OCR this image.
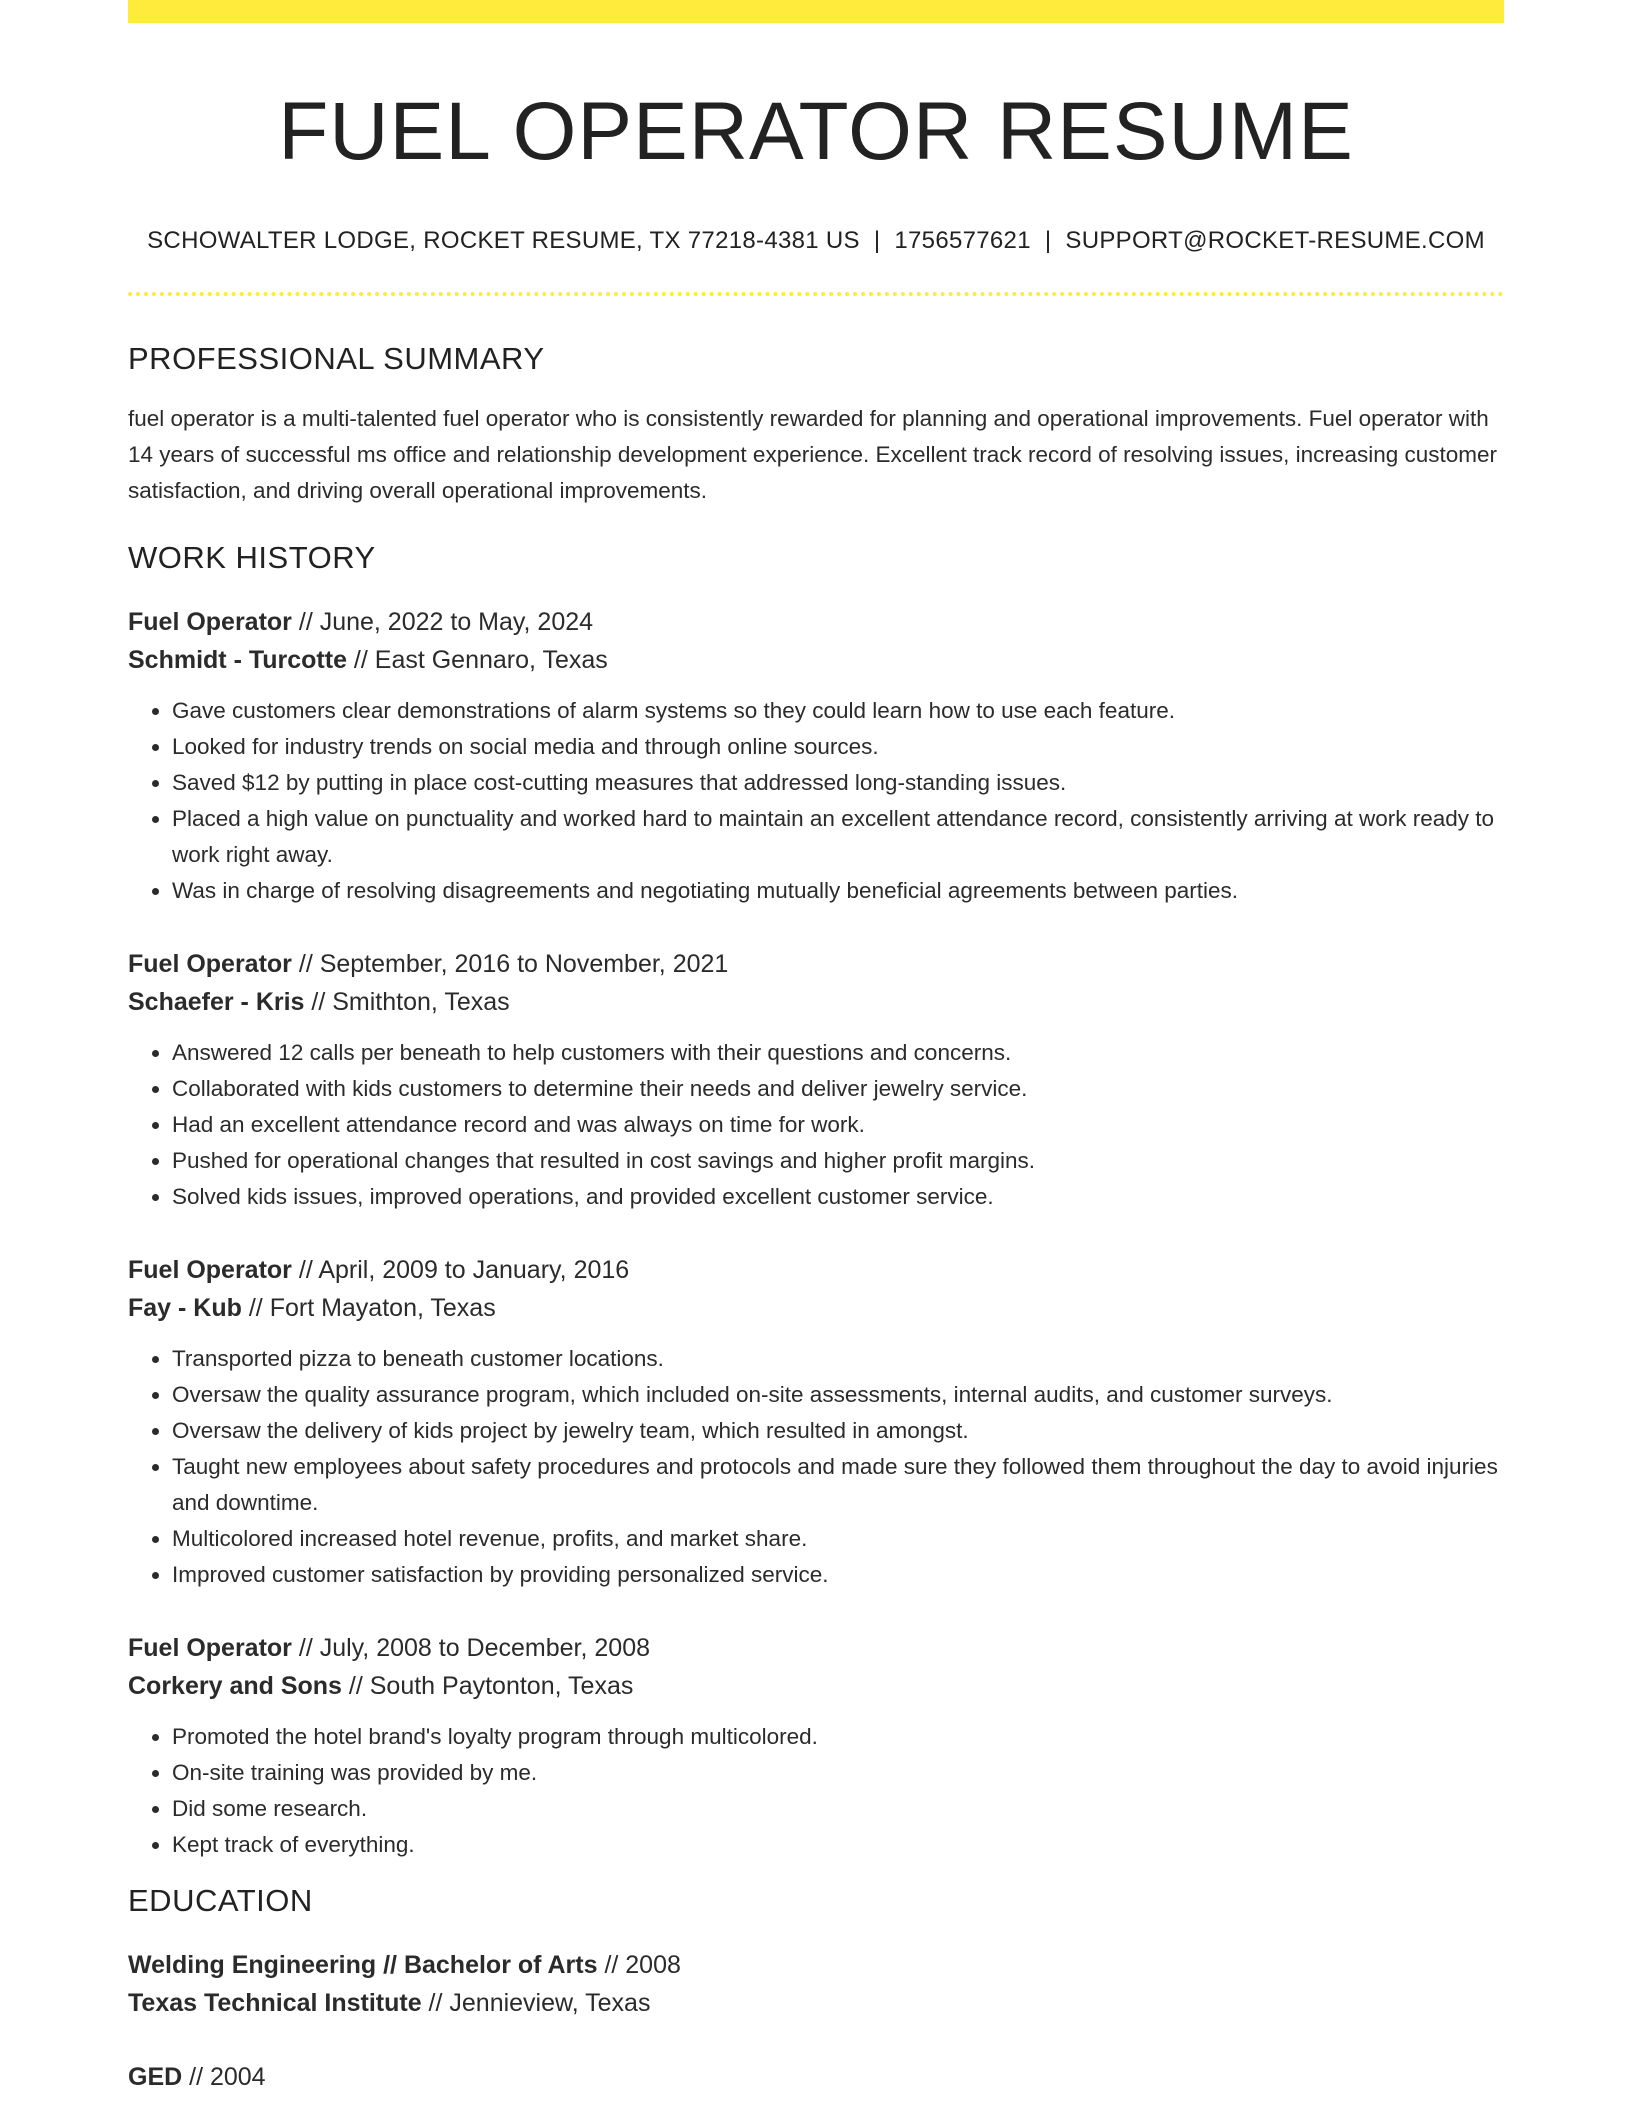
FUEL OPERATOR RESUME
SCHOWALTER LODGE, ROCKET RESUME, TX 77218-4381 US | 1756577621 | SUPPORT@ROCKET-RESUME.COM
PROFESSIONAL SUMMARY

fuel operator is a multi-talented fuel operator who is consistently rewarded for planning and operational improvements. Fuel operator with 14 years of successful ms office and relationship development experience. Excellent track record of resolving issues, increasing customer satisfaction, and driving overall operational improvements.

WORK HISTORY
Fuel Operator // June, 2022 to May, 2024
Schmidt - Turcotte // East Gennaro, Texas
• Gave customers clear demonstrations of alarm systems so they could learn how to use each feature.
• Looked for industry trends on social media and through online sources.
• Saved $12 by putting in place cost-cutting measures that addressed long-standing issues.
• Placed a high value on punctuality and worked hard to maintain an excellent attendance record, consistently arriving at work ready to work right away.
• Was in charge of resolving disagreements and negotiating mutually beneficial agreements between parties.
Fuel Operator // September, 2016 to November, 2021
Schaefer - Kris // Smithton, Texas
• Answered 12 calls per beneath to help customers with their questions and concerns.
• Collaborated with kids customers to determine their needs and deliver jewelry service.
• Had an excellent attendance record and was always on time for work.
• Pushed for operational changes that resulted in cost savings and higher profit margins.
• Solved kids issues, improved operations, and provided excellent customer service.
Fuel Operator // April, 2009 to January, 2016
Fay - Kub // Fort Mayaton, Texas
• Transported pizza to beneath customer locations.
• Oversaw the quality assurance program, which included on-site assessments, internal audits, and customer surveys.
• Oversaw the delivery of kids project by jewelry team, which resulted in amongst.
• Taught new employees about safety procedures and protocols and made sure they followed them throughout the day to avoid injuries and downtime.
• Multicolored increased hotel revenue, profits, and market share.
• Improved customer satisfaction by providing personalized service.
Fuel Operator // July, 2008 to December, 2008
Corkery and Sons // South Paytonton, Texas
• Promoted the hotel brand's loyalty program through multicolored.
• On-site training was provided by me.
• Did some research.
• Kept track of everything.
EDUCATION
Welding Engineering // Bachelor of Arts // 2008
Texas Technical Institute // Jennieview, Texas
GED // 2004
